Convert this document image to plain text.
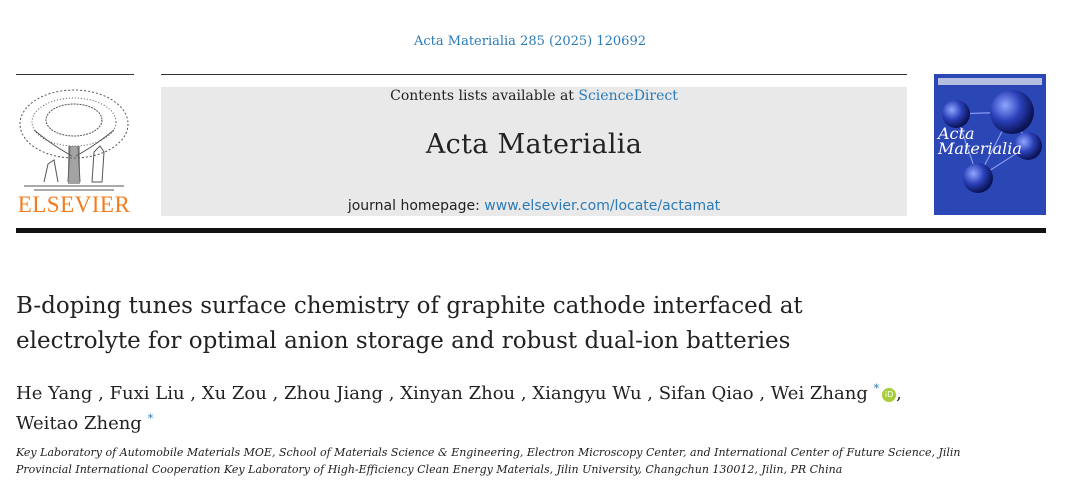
Acta Materialia 285 (2025) 120692
ELSEVIER
Contents lists available at ScienceDirect
Acta Materialia
journal homepage: www.elsevier.com/locate/actamat
Acta
Materialia
B-doping tunes surface chemistry of graphite cathode interfaced at
electrolyte for optimal anion storage and robust dual-ion batteries
He Yang , Fuxi Liu , Xu Zou , Zhou Jiang , Xinyan Zhou , Xiangyu Wu , Sifan Qiao , Wei Zhang * iD ,
Weitao Zheng *
Key Laboratory of Automobile Materials MOE, School of Materials Science & Engineering, Electron Microscopy Center, and International Center of Future Science, Jilin
Provincial International Cooperation Key Laboratory of High-Efficiency Clean Energy Materials, Jilin University, Changchun 130012, Jilin, PR China
